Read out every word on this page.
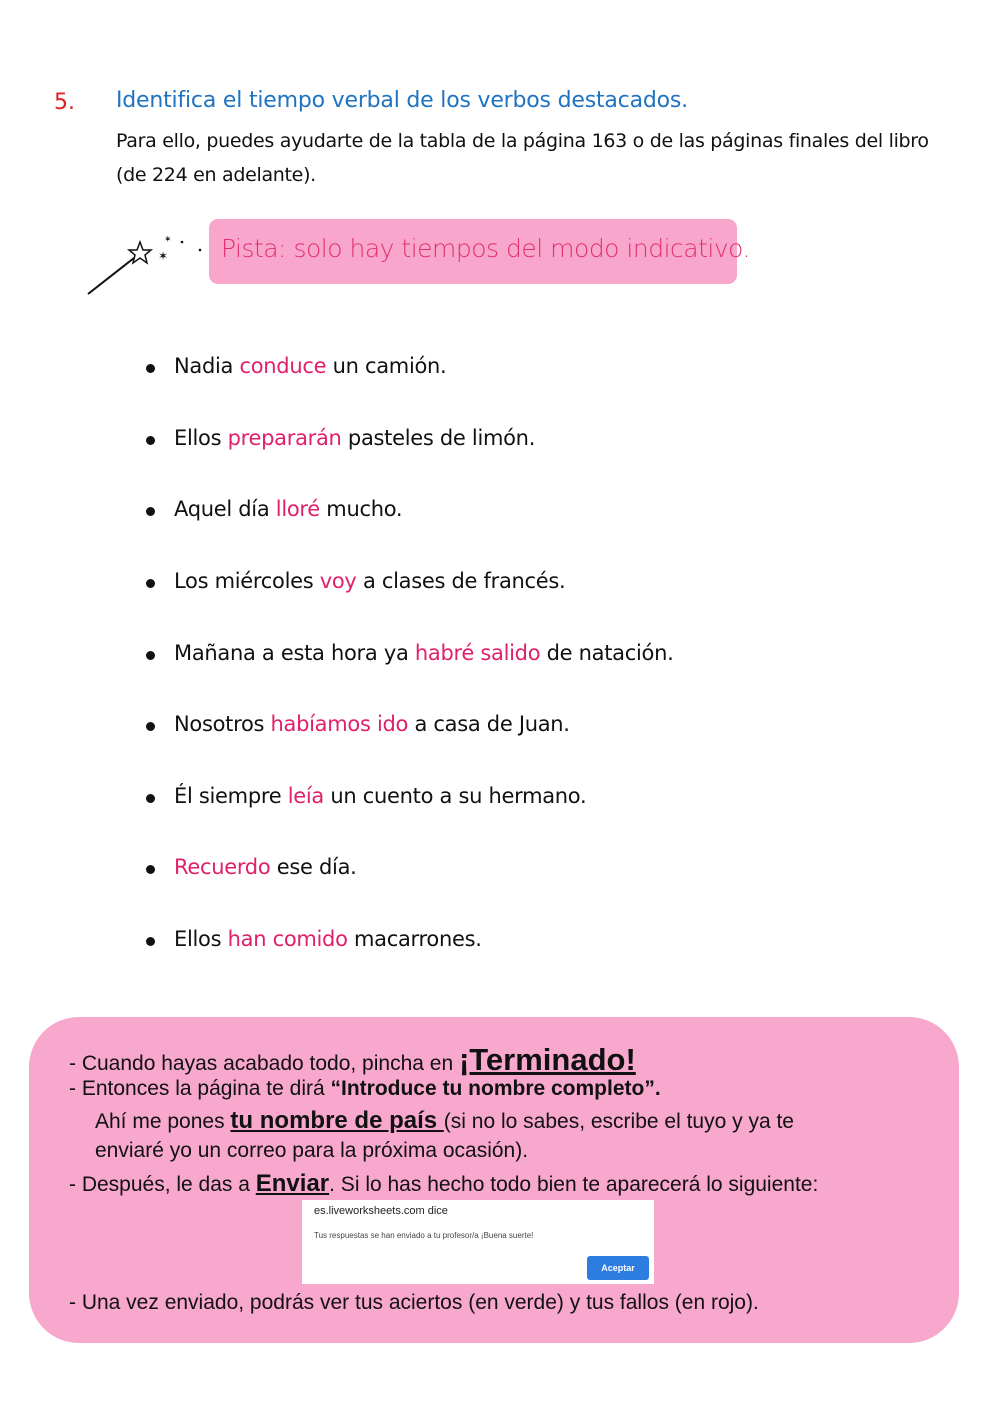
5. Identifica el tiempo verbal de los verbos destacados.
Para ello, puedes ayudarte de la tabla de la página 163 o de las páginas finales del libro (de 224 en adelante).
✶
✶ Pista: solo hay tiempos del modo indicativo.
Nadia conduce un camión.
Ellos prepararán pasteles de limón.
Aquel día lloré mucho.
Los miércoles voy a clases de francés.
Mañana a esta hora ya habré salido de natación.
Nosotros habíamos ido a casa de Juan.
Él siempre leía un cuento a su hermano.
Recuerdo ese día.
Ellos han comido macarrones.
- Cuando hayas acabado todo, pincha en ¡Terminado!
- Entonces la página te dirá “Introduce tu nombre completo”.
Ahí me pones tu nombre de país (si no lo sabes, escribe el tuyo y ya te
enviaré yo un correo para la próxima ocasión).
- Después, le das a Enviar. Si lo has hecho todo bien te aparecerá lo siguiente:
es.liveworksheets.com dice
Tus respuestas se han enviado a tu profesor/a ¡Buena suerte!
Aceptar
- Una vez enviado, podrás ver tus aciertos (en verde) y tus fallos (en rojo).
